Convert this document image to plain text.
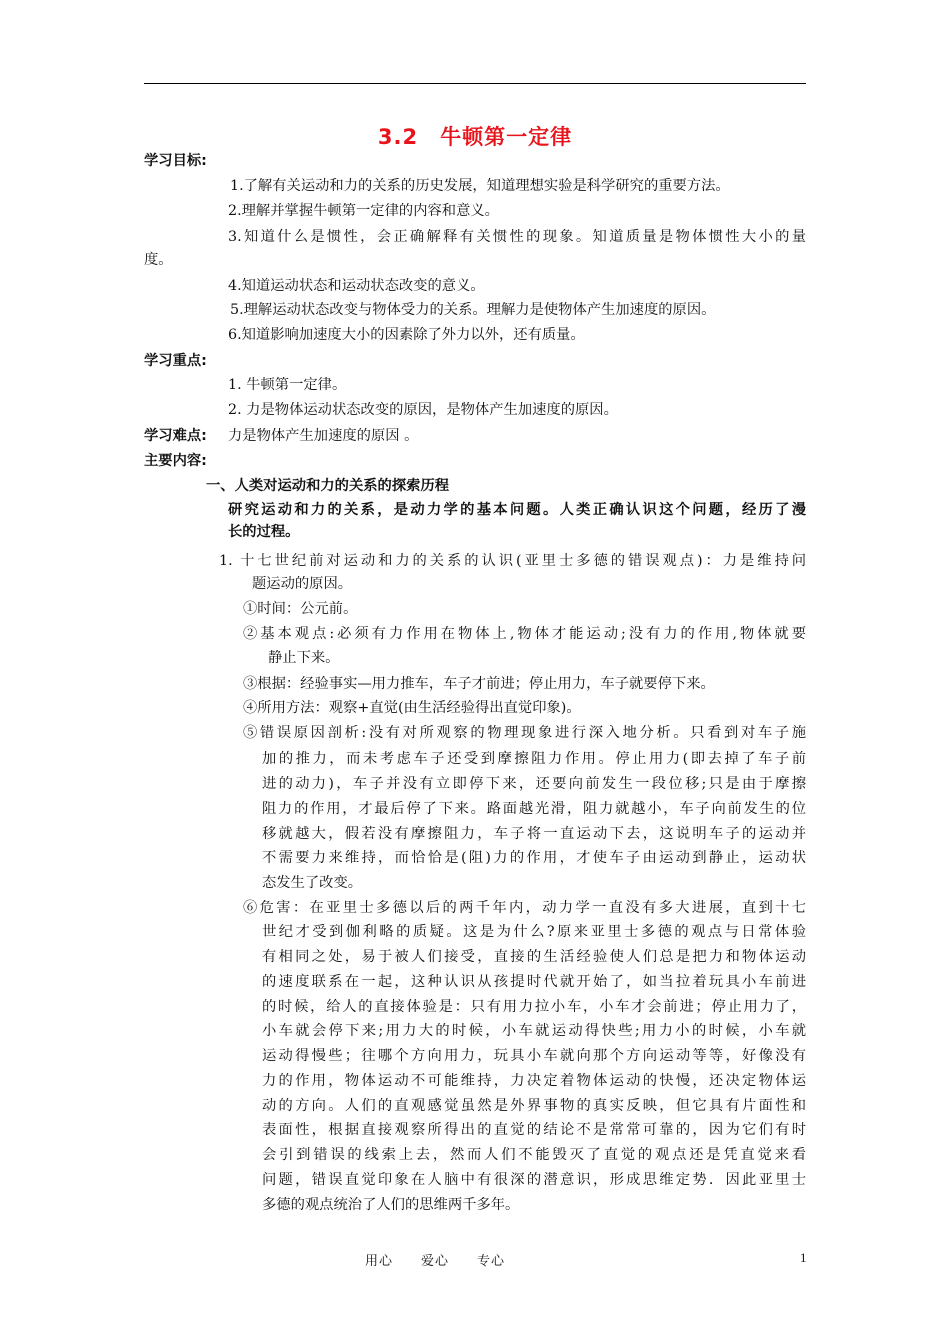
3.2　牛顿第一定律
学习目标:
1.了解有关运动和力的关系的历史发展，知道理想实验是科学研究的重要方法。
2.理解并掌握牛顿第一定律的内容和意义。
3.知道什么是惯性，会正确解释有关惯性的现象。知道质量是物体惯性大小的量
度。
4.知道运动状态和运动状态改变的意义。
5.理解运动状态改变与物体受力的关系。理解力是使物体产生加速度的原因。
6.知道影响加速度大小的因素除了外力以外，还有质量。
学习重点:
1. 牛顿第一定律。
2. 力是物体运动状态改变的原因，是物体产生加速度的原因。
学习难点: 力是物体产生加速度的原因 。
主要内容:
一、人类对运动和力的关系的探索历程
研究运动和力的关系，是动力学的基本问题。人类正确认识这个问题，经历了漫
长的过程。
1. 十七世纪前对运动和力的关系的认识(亚里士多德的错误观点)：力是维持问
题运动的原因。
①时间：公元前。
②基本观点:必须有力作用在物体上,物体才能运动;没有力的作用,物体就要
静止下来。
③根据：经验事实—用力推车，车子才前进；停止用力，车子就要停下来。
④所用方法：观察+直觉(由生活经验得出直觉印象)。
⑤错误原因剖析:没有对所观察的物理现象进行深入地分析。只看到对车子施
加的推力，而未考虑车子还受到摩擦阻力作用。停止用力(即去掉了车子前
进的动力)，车子并没有立即停下来，还要向前发生一段位移;只是由于摩擦
阻力的作用，才最后停了下来。路面越光滑，阻力就越小，车子向前发生的位
移就越大，假若没有摩擦阻力，车子将一直运动下去，这说明车子的运动并
不需要力来维持，而恰恰是(阻)力的作用，才使车子由运动到静止，运动状
态发生了改变。
⑥危害：在亚里士多德以后的两千年内，动力学一直没有多大进展，直到十七
世纪才受到伽利略的质疑。这是为什么?原来亚里士多德的观点与日常体验
有相同之处，易于被人们接受，直接的生活经验使人们总是把力和物体运动
的速度联系在一起，这种认识从孩提时代就开始了，如当拉着玩具小车前进
的时候，给人的直接体验是：只有用力拉小车，小车才会前进；停止用力了，
小车就会停下来;用力大的时候，小车就运动得快些;用力小的时候，小车就
运动得慢些；往哪个方向用力，玩具小车就向那个方向运动等等，好像没有
力的作用，物体运动不可能维持，力决定着物体运动的快慢，还决定物体运
动的方向。人们的直观感觉虽然是外界事物的真实反映，但它具有片面性和
表面性，根据直接观察所得出的直觉的结论不是常常可靠的，因为它们有时
会引到错误的线索上去，然而人们不能毁灭了直觉的观点还是凭直觉来看
问题，错误直觉印象在人脑中有很深的潜意识，形成思维定势．因此亚里士
多德的观点统治了人们的思维两千多年。
用心　　爱心　　专心	1
